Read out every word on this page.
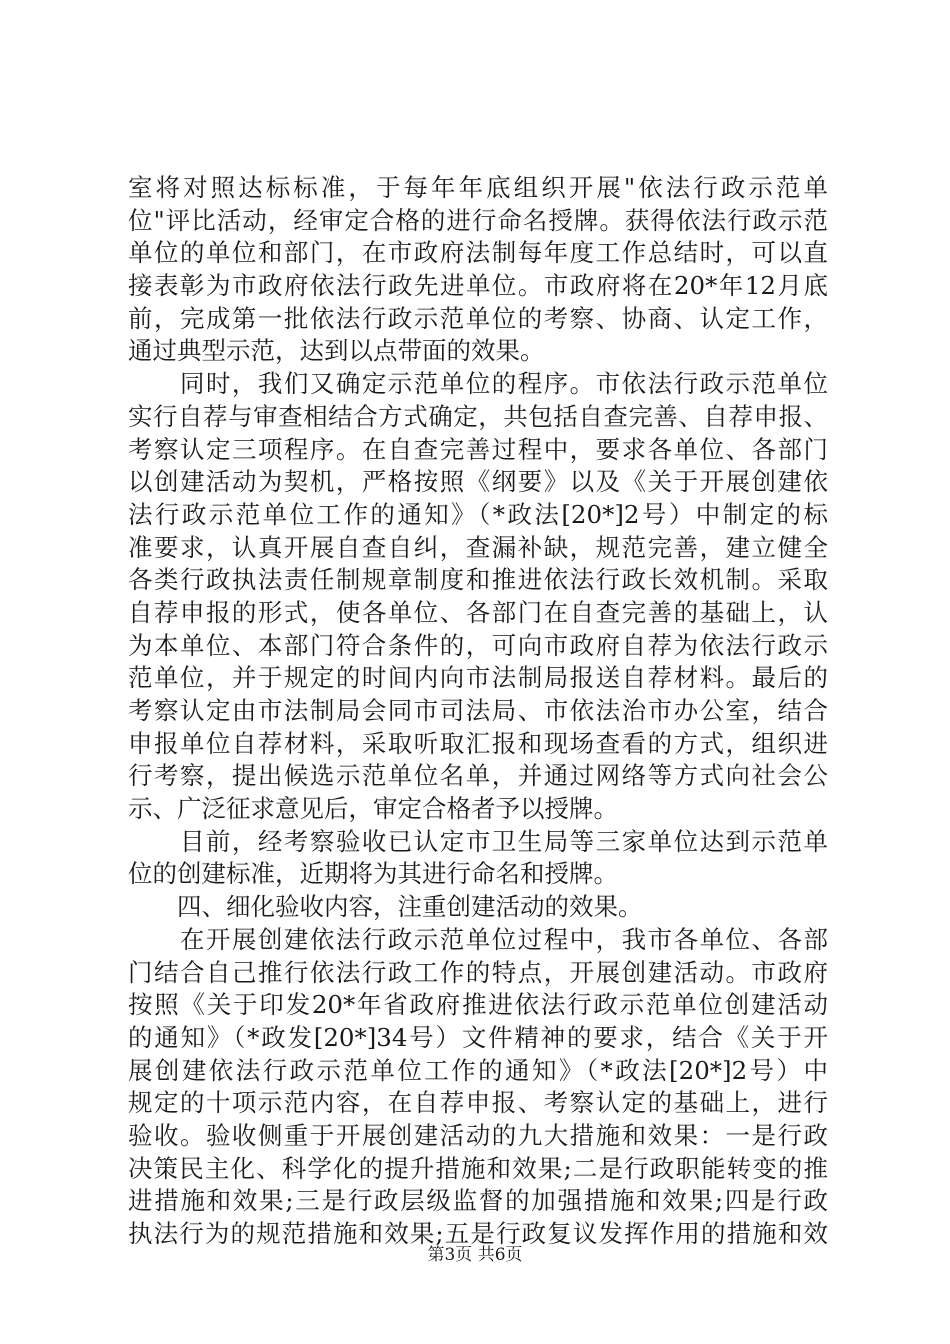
室将对照达标标准，于每年年底组织开展"依法行政示范单
位"评比活动，经审定合格的进行命名授牌。获得依法行政示范
单位的单位和部门，在市政府法制每年度工作总结时，可以直
接表彰为市政府依法行政先进单位。市政府将在20*年12月底
前，完成第一批依法行政示范单位的考察、协商、认定工作，
通过典型示范，达到以点带面的效果。
　　同时，我们又确定示范单位的程序。市依法行政示范单位
实行自荐与审查相结合方式确定，共包括自查完善、自荐申报、
考察认定三项程序。在自查完善过程中，要求各单位、各部门
以创建活动为契机，严格按照《纲要》以及《关于开展创建依
法行政示范单位工作的通知》（*政法[20*]2号）中制定的标
准要求，认真开展自查自纠，查漏补缺，规范完善，建立健全
各类行政执法责任制规章制度和推进依法行政长效机制。采取
自荐申报的形式，使各单位、各部门在自查完善的基础上，认
为本单位、本部门符合条件的，可向市政府自荐为依法行政示
范单位，并于规定的时间内向市法制局报送自荐材料。最后的
考察认定由市法制局会同市司法局、市依法治市办公室，结合
申报单位自荐材料，采取听取汇报和现场查看的方式，组织进
行考察，提出候选示范单位名单，并通过网络等方式向社会公
示、广泛征求意见后，审定合格者予以授牌。
　　目前，经考察验收已认定市卫生局等三家单位达到示范单
位的创建标准，近期将为其进行命名和授牌。
　　四、细化验收内容，注重创建活动的效果。
　　在开展创建依法行政示范单位过程中，我市各单位、各部
门结合自己推行依法行政工作的特点，开展创建活动。市政府
按照《关于印发20*年省政府推进依法行政示范单位创建活动
的通知》（*政发[20*]34号）文件精神的要求，结合《关于开
展创建依法行政示范单位工作的通知》（*政法[20*]2号）中
规定的十项示范内容，在自荐申报、考察认定的基础上，进行
验收。验收侧重于开展创建活动的九大措施和效果：一是行政
决策民主化、科学化的提升措施和效果;二是行政职能转变的推
进措施和效果;三是行政层级监督的加强措施和效果;四是行政
执法行为的规范措施和效果;五是行政复议发挥作用的措施和效
第3页 共6页
